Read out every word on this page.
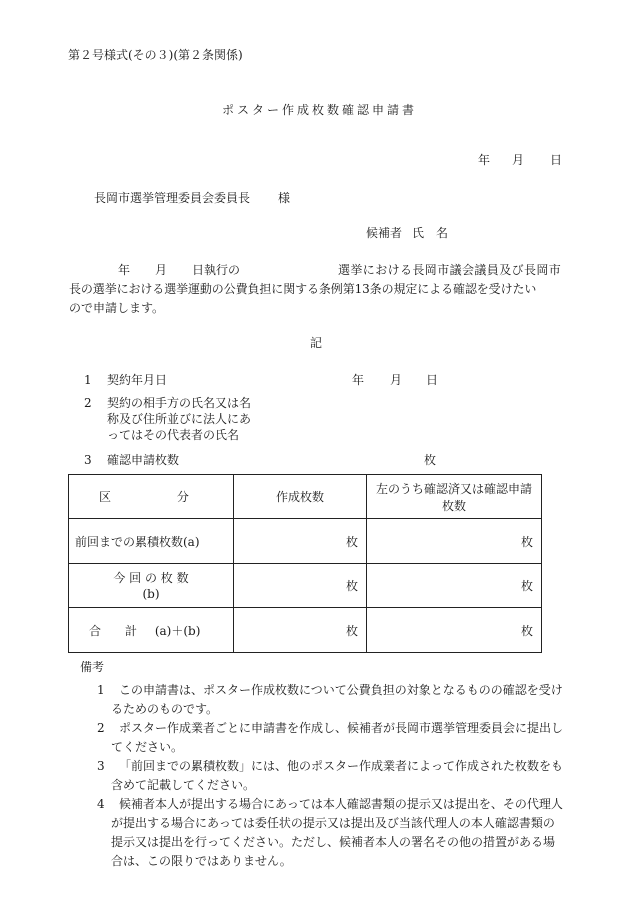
第２号様式(その３)(第２条関係)
ポスター作成枚数確認申請書
年 月 日
長岡市選挙管理委員会委員長 様
候補者 氏　名
年 月 日執行の	選挙における長岡市議会議員及び長岡市
長の選挙における選挙運動の公費負担に関する条例第13条の規定による確認を受けたい
ので申請します。
記
1 契約年月日	年 月 日
2 契約の相手方の氏名又は名
称及び住所並びに法人にあ
ってはその代表者の氏名
3 確認申請枚数	枚
区 分	作成枚数	左のうち確認済又は確認申請枚数
前回までの累積枚数(a)	枚	枚

今 回 の 枚 数
(b)	枚	枚
合　　計 (a)＋(b)	枚	枚
備考
1	この申請書は、ポスター作成枚数について公費負担の対象となるものの確認を受けるためのものです。
2	ポスター作成業者ごとに申請書を作成し、候補者が長岡市選挙管理委員会に提出してください。
3	「前回までの累積枚数」には、他のポスター作成業者によって作成された枚数をも含めて記載してください。
4	候補者本人が提出する場合にあっては本人確認書類の提示又は提出を、その代理人が提出する場合にあっては委任状の提示又は提出及び当該代理人の本人確認書類の提示又は提出を行ってください。ただし、候補者本人の署名その他の措置がある場合は、この限りではありません。
